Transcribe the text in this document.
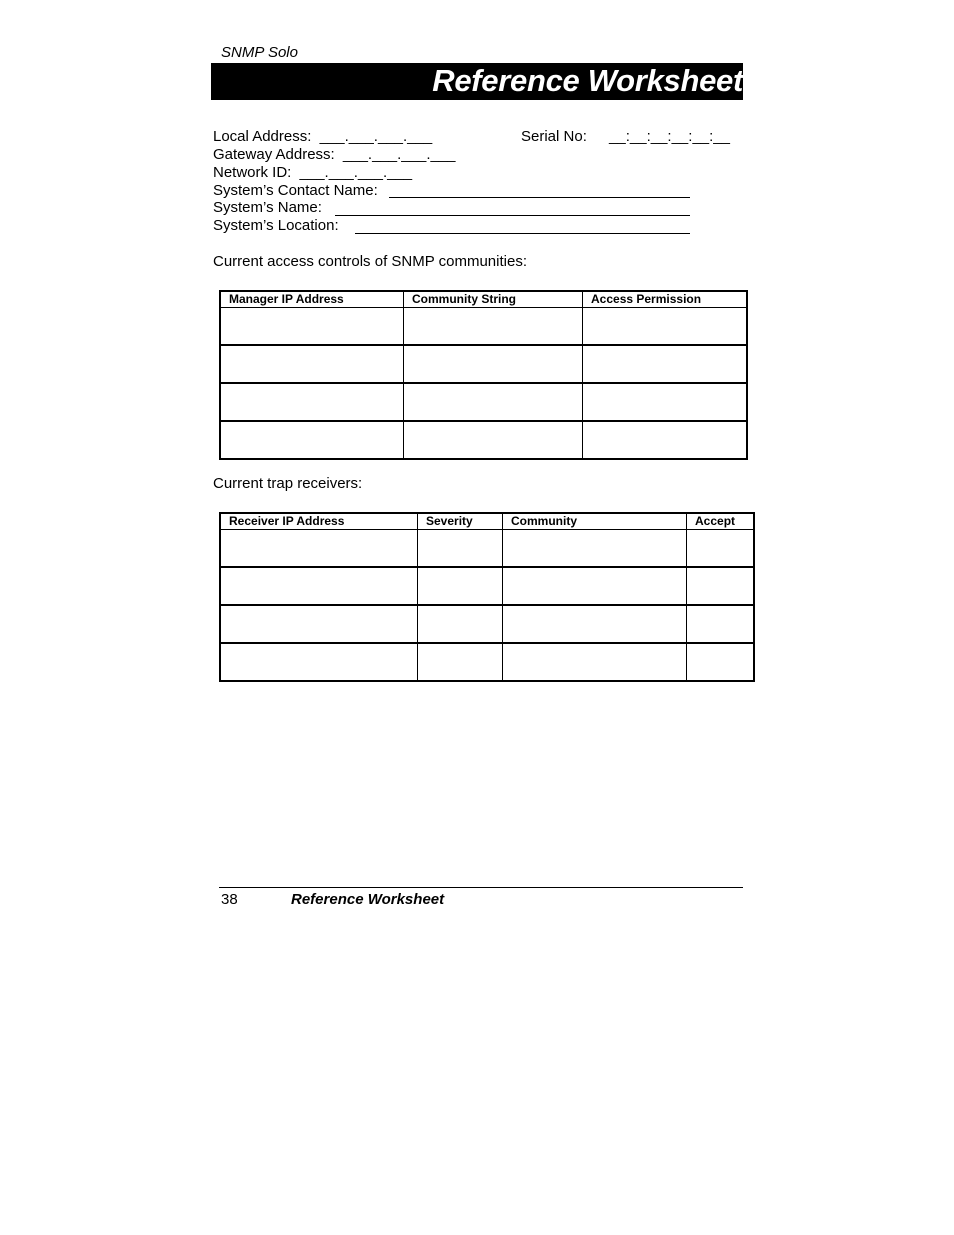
SNMP Solo
Reference Worksheet
Local Address: ___.___.___.___	Serial No: __:__:__:__:__:__
Gateway Address: ___.___.___.___
Network ID: ___.___.___.___
System’s Contact Name:
System’s Name:
System’s Location:
Current access controls of SNMP communities:
Manager IP Address	Community String	Access Permission

Current trap receivers:
Receiver IP Address	Severity	Community	Accept

38	Reference Worksheet
